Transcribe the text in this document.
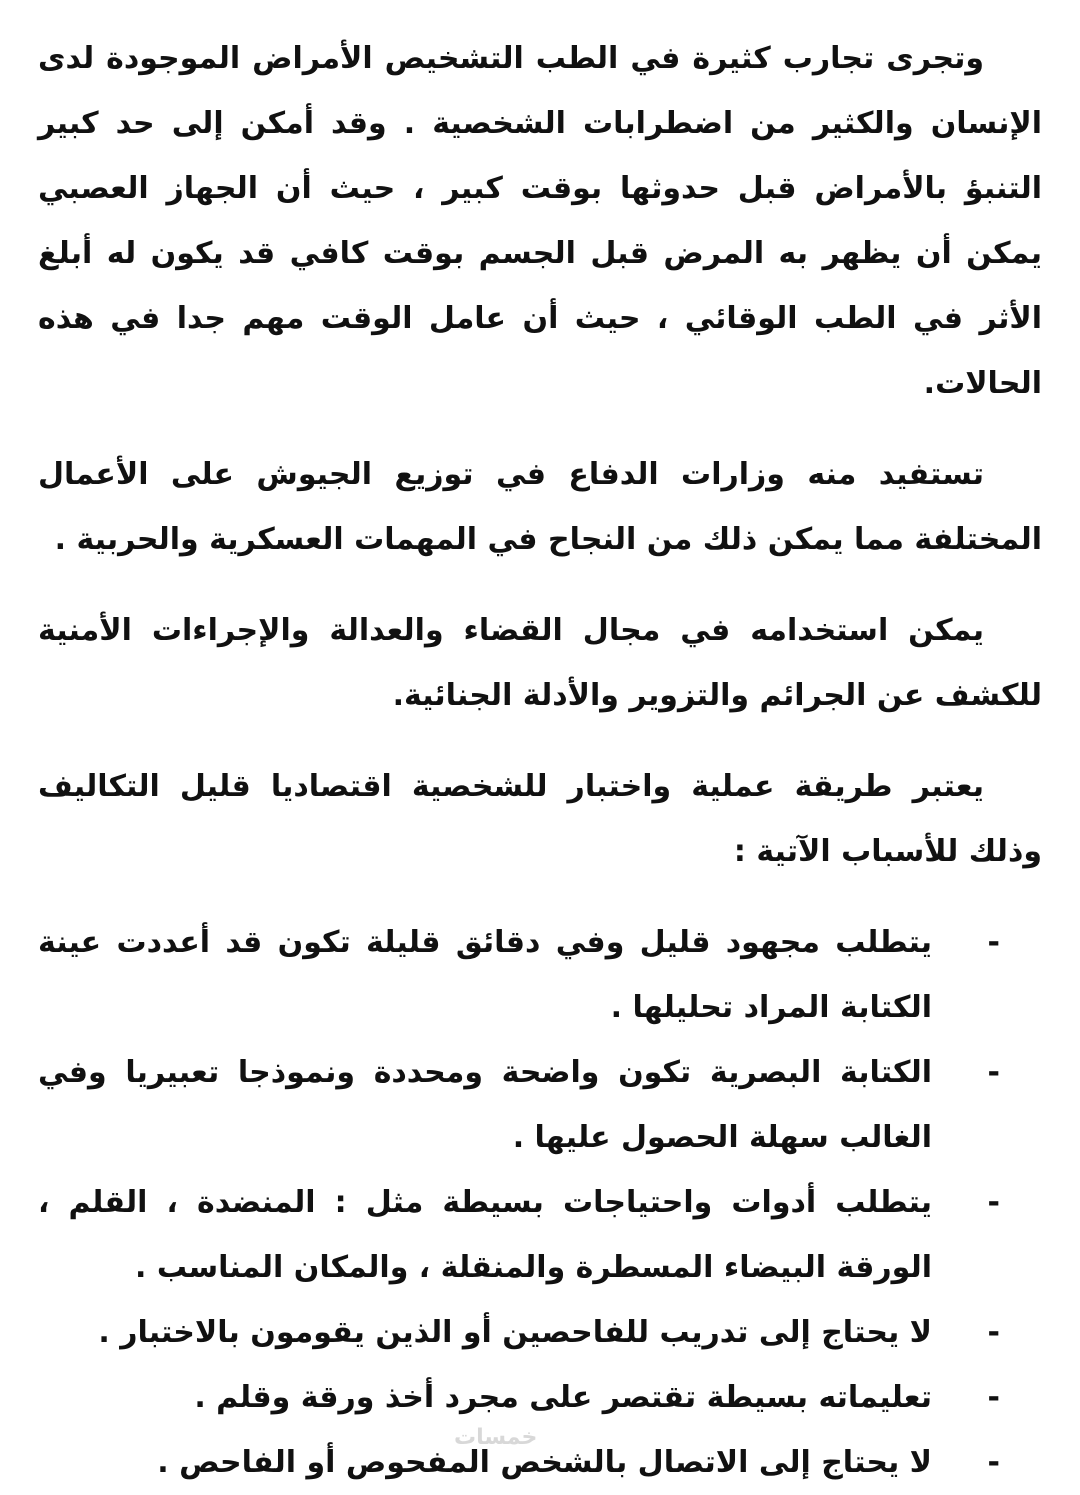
وتجرى تجارب كثيرة في الطب التشخيص الأمراض الموجودة لدى الإنسان والكثير من اضطرابات الشخصية . وقد أمكن إلى حد كبير التنبؤ بالأمراض قبل حدوثها بوقت كبير ، حيث أن الجهاز العصبي يمكن أن يظهر به المرض قبل الجسم بوقت كافي قد يكون له أبلغ الأثر في الطب الوقائي ، حيث أن عامل الوقت مهم جدا في هذه الحالات.

تستفيد منه وزارات الدفاع في توزيع الجيوش على الأعمال المختلفة مما يمكن ذلك من النجاح في المهمات العسكرية والحربية .

يمكن استخدامه في مجال القضاء والعدالة والإجراءات الأمنية للكشف عن الجرائم والتزوير والأدلة الجنائية.

يعتبر طريقة عملية واختبار للشخصية اقتصاديا قليل التكاليف وذلك للأسباب الآتية :

-
يتطلب مجهود قليل وفي دقائق قليلة تكون قد أعددت عينة الكتابة المراد تحليلها .
-
الكتابة البصرية تكون واضحة ومحددة ونموذجا تعبيريا وفي الغالب سهلة الحصول عليها .
-
يتطلب أدوات واحتياجات بسيطة مثل : المنضدة ، القلم ، الورقة البيضاء المسطرة والمنقلة ، والمكان المناسب .
-
لا يحتاج إلى تدريب للفاحصين أو الذين يقومون بالاختبار .
-
تعليماته بسيطة تقتصر على مجرد أخذ ورقة وقلم .
-
لا يحتاج إلى الاتصال بالشخص المفحوص أو الفاحص .
خمسات
